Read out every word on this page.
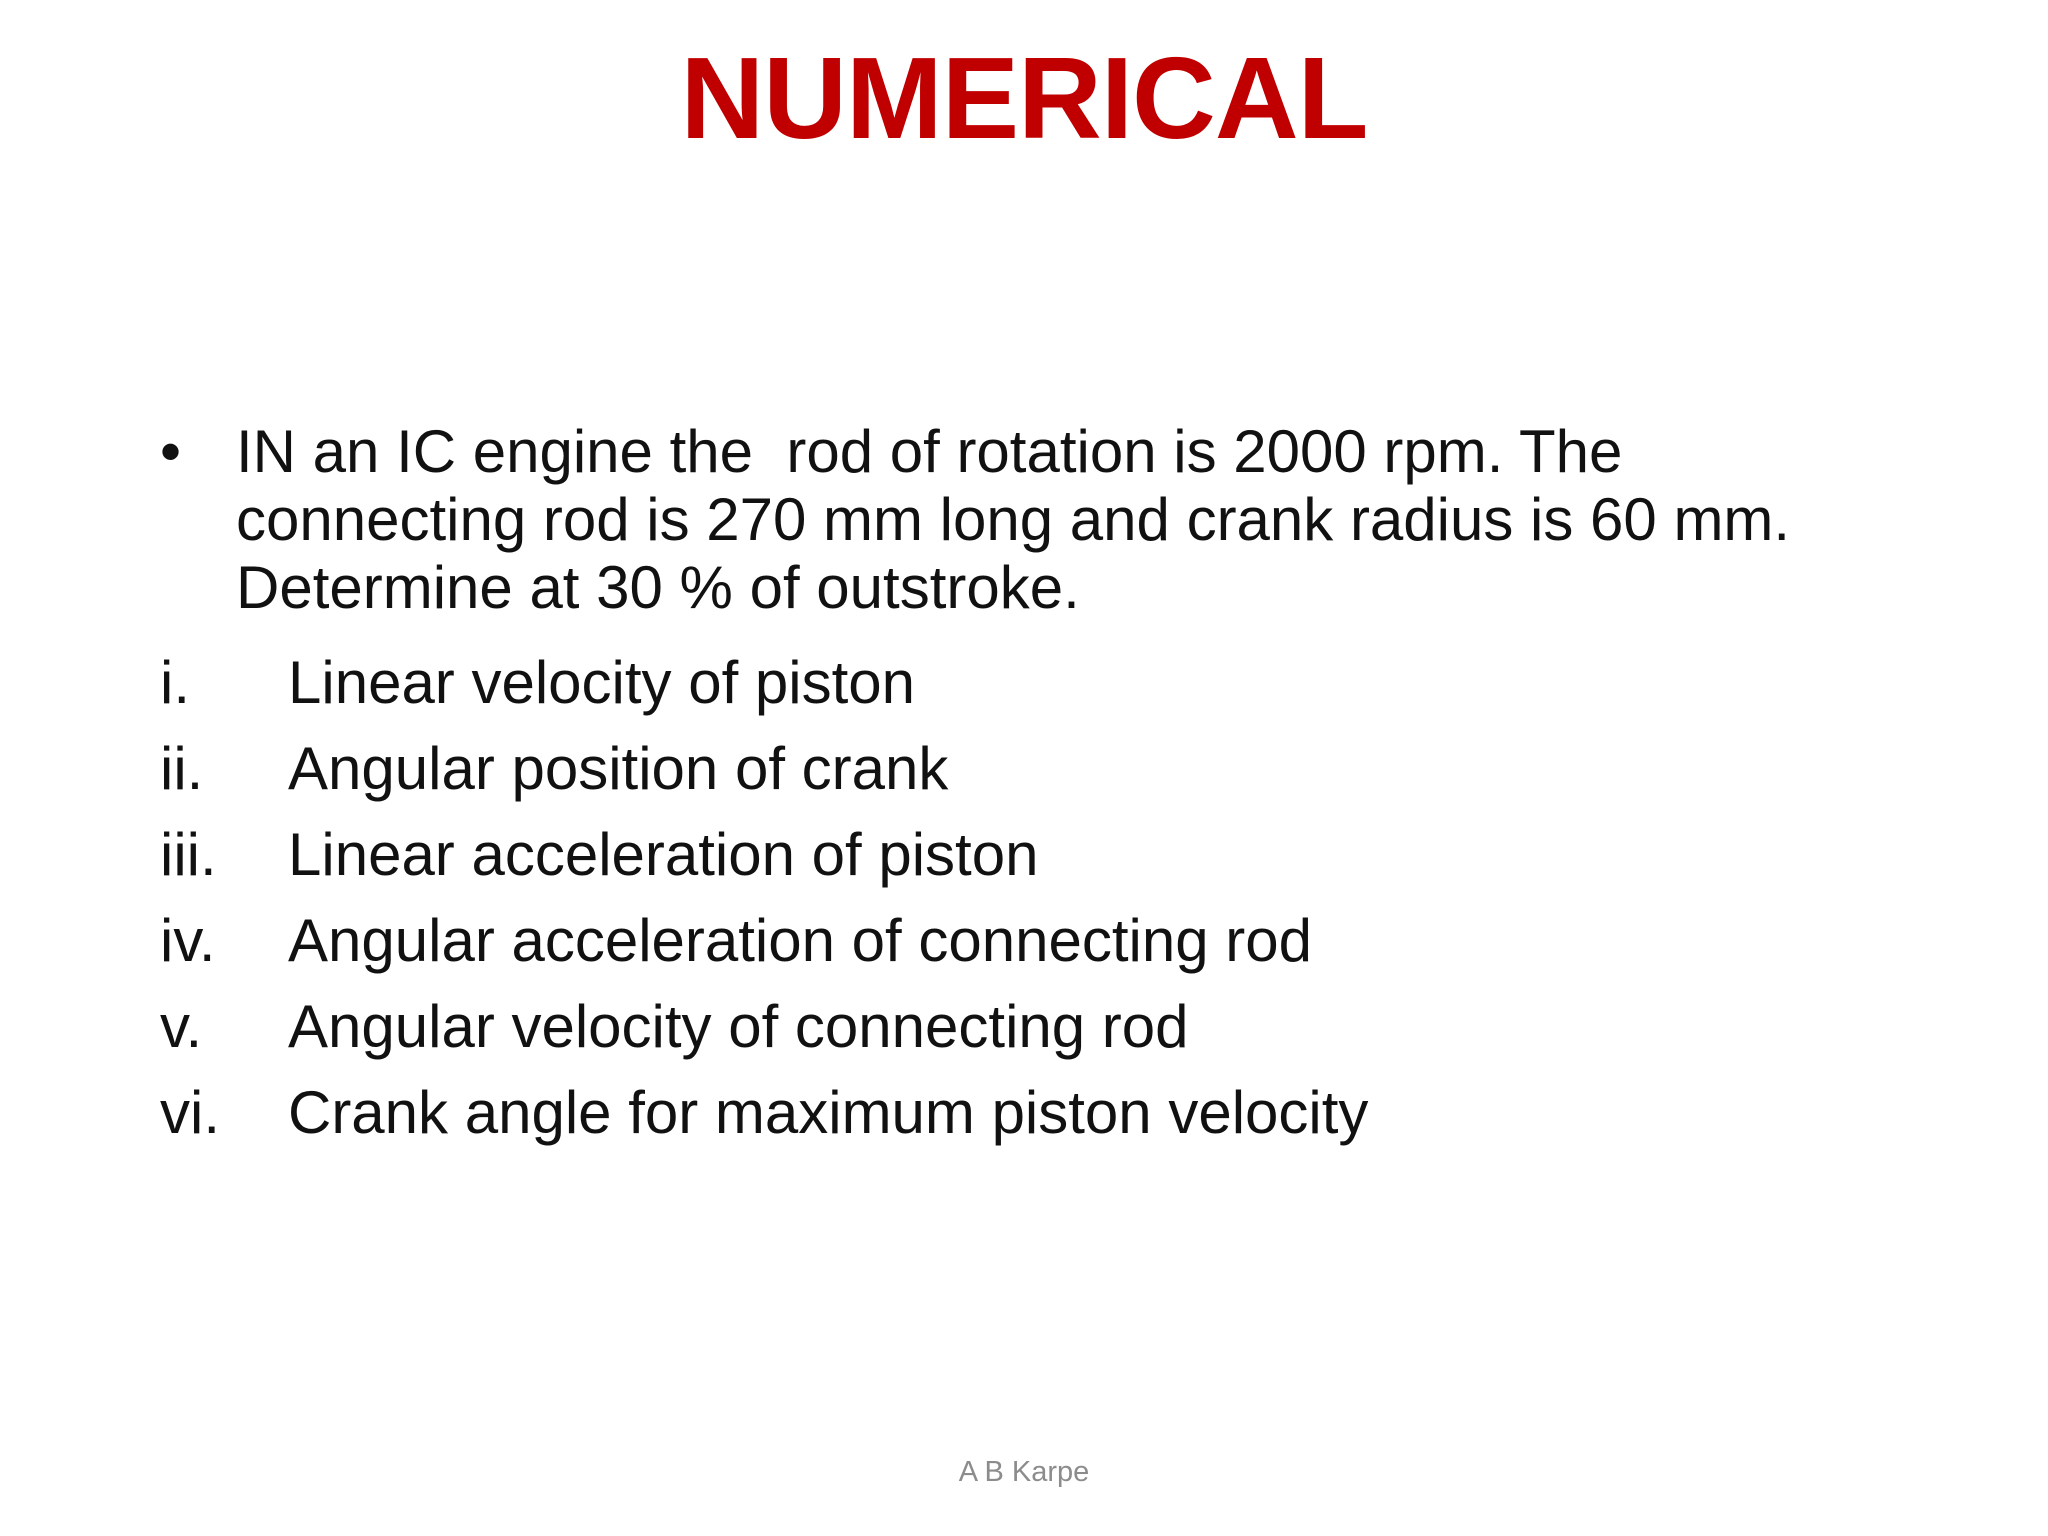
NUMERICAL
• IN an IC engine the  rod of rotation is 2000 rpm. The connecting rod is 270 mm long and crank radius is 60 mm. Determine at 30 % of outstroke.
i.	Linear velocity of piston
ii.	Angular position of crank
iii.	Linear acceleration of piston
iv.	Angular acceleration of connecting rod
v.	Angular velocity of connecting rod
vi.	Crank angle for maximum piston velocity
A B Karpe
